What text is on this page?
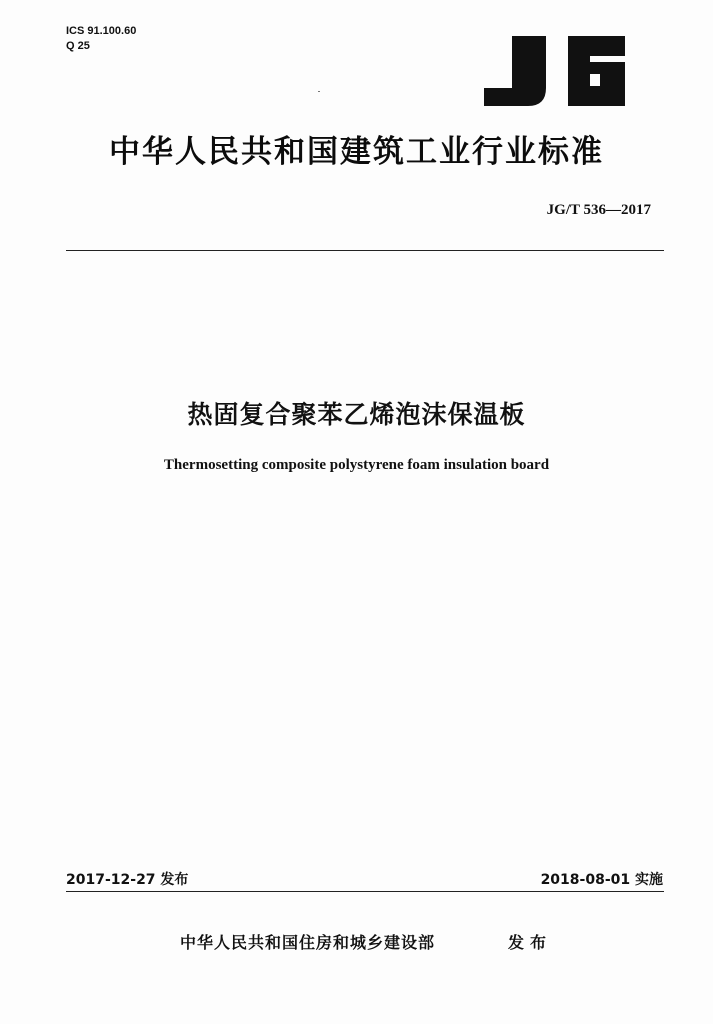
ICS 91.100.60
Q 25
中华人民共和国建筑工业行业标准
JG/T 536—2017
热固复合聚苯乙烯泡沫保温板
Thermosetting composite polystyrene foam insulation board
2017-12-27 发布	2018-08-01 实施
中华人民共和国住房和城乡建设部	发布
